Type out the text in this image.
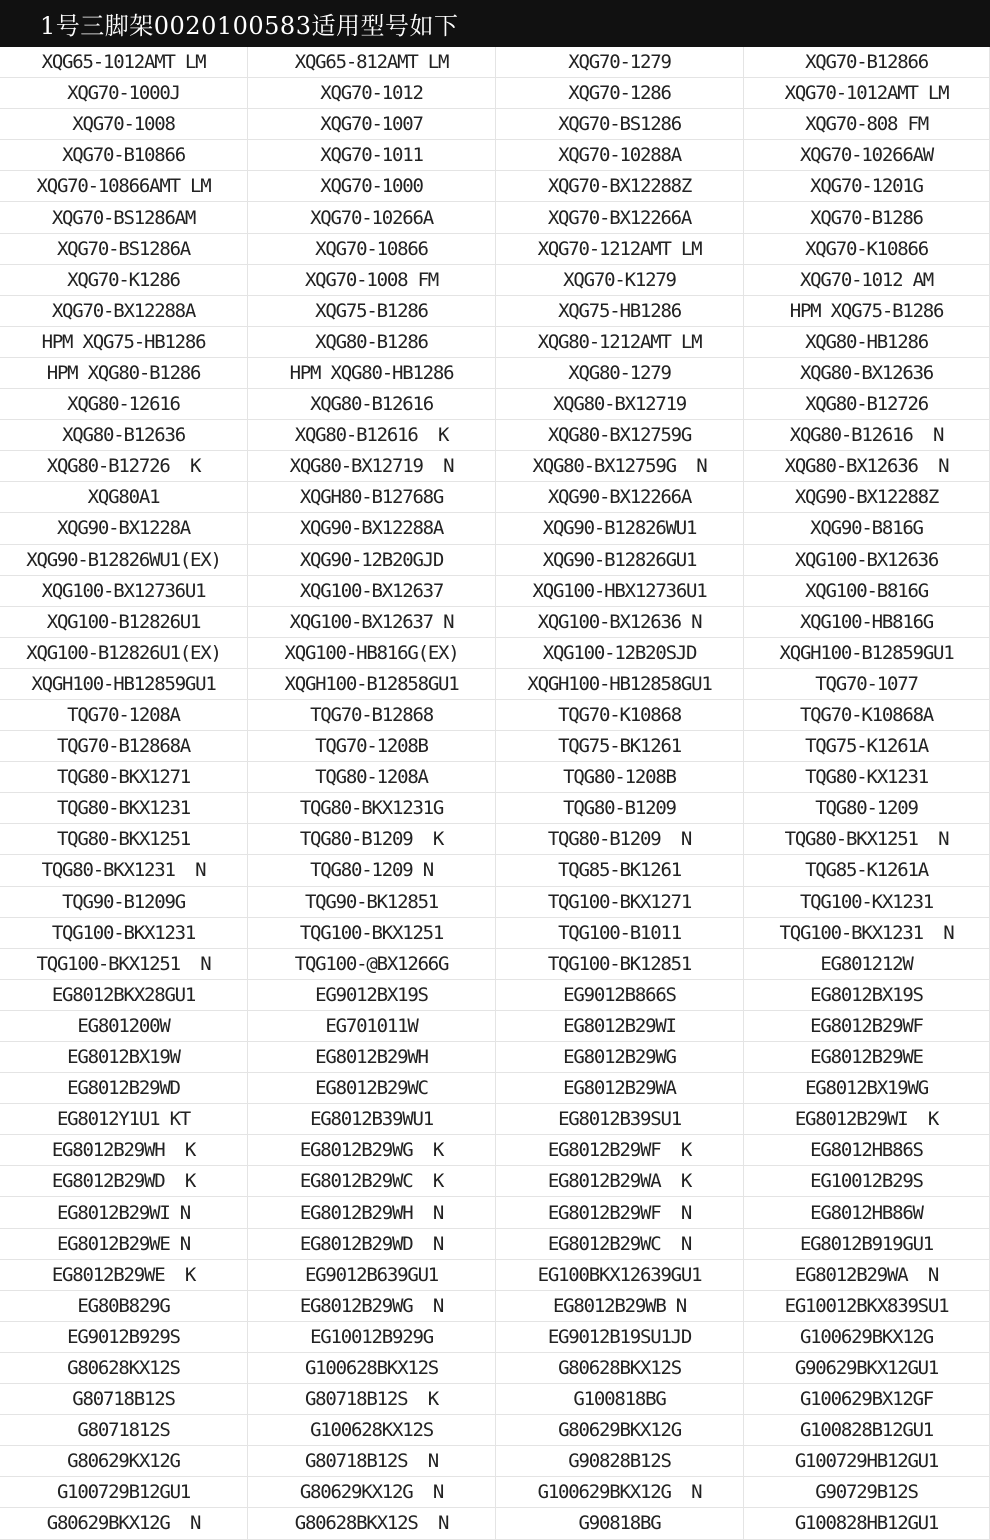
1号三脚架0020100583适用型号如下
XQG65-1012AMT LM	XQG65-812AMT LM	XQG70-1279	XQG70-B12866
XQG70-1000J	XQG70-1012	XQG70-1286	XQG70-1012AMT LM
XQG70-1008	XQG70-1007	XQG70-BS1286	XQG70-808 FM
XQG70-B10866	XQG70-1011	XQG70-10288A	XQG70-10266AW
XQG70-10866AMT LM	XQG70-1000	XQG70-BX12288Z	XQG70-1201G
XQG70-BS1286AM	XQG70-10266A	XQG70-BX12266A	XQG70-B1286
XQG70-BS1286A	XQG70-10866	XQG70-1212AMT LM	XQG70-K10866
XQG70-K1286	XQG70-1008 FM	XQG70-K1279	XQG70-1012 AM
XQG70-BX12288A	XQG75-B1286	XQG75-HB1286	HPM XQG75-B1286
HPM XQG75-HB1286	XQG80-B1286	XQG80-1212AMT LM	XQG80-HB1286
HPM XQG80-B1286	HPM XQG80-HB1286	XQG80-1279	XQG80-BX12636
XQG80-12616	XQG80-B12616	XQG80-BX12719	XQG80-B12726
XQG80-B12636	XQG80-B12616  K	XQG80-BX12759G	XQG80-B12616  N
XQG80-B12726  K	XQG80-BX12719  N	XQG80-BX12759G  N	XQG80-BX12636  N
XQG80A1	XQGH80-B12768G	XQG90-BX12266A	XQG90-BX12288Z
XQG90-BX1228A	XQG90-BX12288A	XQG90-B12826WU1	XQG90-B816G
XQG90-B12826WU1(EX)	XQG90-12B20GJD	XQG90-B12826GU1	XQG100-BX12636
XQG100-BX12736U1	XQG100-BX12637	XQG100-HBX12736U1	XQG100-B816G
XQG100-B12826U1	XQG100-BX12637 N	XQG100-BX12636 N	XQG100-HB816G
XQG100-B12826U1(EX)	XQG100-HB816G(EX)	XQG100-12B20SJD	XQGH100-B12859GU1
XQGH100-HB12859GU1	XQGH100-B12858GU1	XQGH100-HB12858GU1	TQG70-1077
TQG70-1208A	TQG70-B12868	TQG70-K10868	TQG70-K10868A
TQG70-B12868A	TQG70-1208B	TQG75-BK1261	TQG75-K1261A
TQG80-BKX1271	TQG80-1208A	TQG80-1208B	TQG80-KX1231
TQG80-BKX1231	TQG80-BKX1231G	TQG80-B1209	TQG80-1209
TQG80-BKX1251	TQG80-B1209  K	TQG80-B1209  N	TQG80-BKX1251  N
TQG80-BKX1231  N	TQG80-1209 N	TQG85-BK1261	TQG85-K1261A
TQG90-B1209G	TQG90-BK12851	TQG100-BKX1271	TQG100-KX1231
TQG100-BKX1231	TQG100-BKX1251	TQG100-B1011	TQG100-BKX1231  N
TQG100-BKX1251  N	TQG100-@BX1266G	TQG100-BK12851	EG801212W
EG8012BKX28GU1	EG9012BX19S	EG9012B866S	EG8012BX19S
EG801200W	EG701011W	EG8012B29WI	EG8012B29WF
EG8012BX19W	EG8012B29WH	EG8012B29WG	EG8012B29WE
EG8012B29WD	EG8012B29WC	EG8012B29WA	EG8012BX19WG
EG8012Y1U1 KT	EG8012B39WU1	EG8012B39SU1	EG8012B29WI  K
EG8012B29WH  K	EG8012B29WG  K	EG8012B29WF  K	EG8012HB86S
EG8012B29WD  K	EG8012B29WC  K	EG8012B29WA  K	EG10012B29S
EG8012B29WI N	EG8012B29WH  N	EG8012B29WF  N	EG8012HB86W
EG8012B29WE N	EG8012B29WD  N	EG8012B29WC  N	EG8012B919GU1
EG8012B29WE  K	EG9012B639GU1	EG100BKX12639GU1	EG8012B29WA  N
EG80B829G	EG8012B29WG  N	EG8012B29WB N	EG10012BKX839SU1
EG9012B929S	EG10012B929G	EG9012B19SU1JD	G100629BKX12G
G80628KX12S	G100628BKX12S	G80628BKX12S	G90629BKX12GU1
G80718B12S	G80718B12S  K	G100818BG	G100629BX12GF
G8071812S	G100628KX12S	G80629BKX12G	G100828B12GU1
G80629KX12G	G80718B12S  N	G90828B12S	G100729HB12GU1
G100729B12GU1	G80629KX12G  N	G100629BKX12G  N	G90729B12S
G80629BKX12G  N	G80628BKX12S  N	G90818BG	G100828HB12GU1
